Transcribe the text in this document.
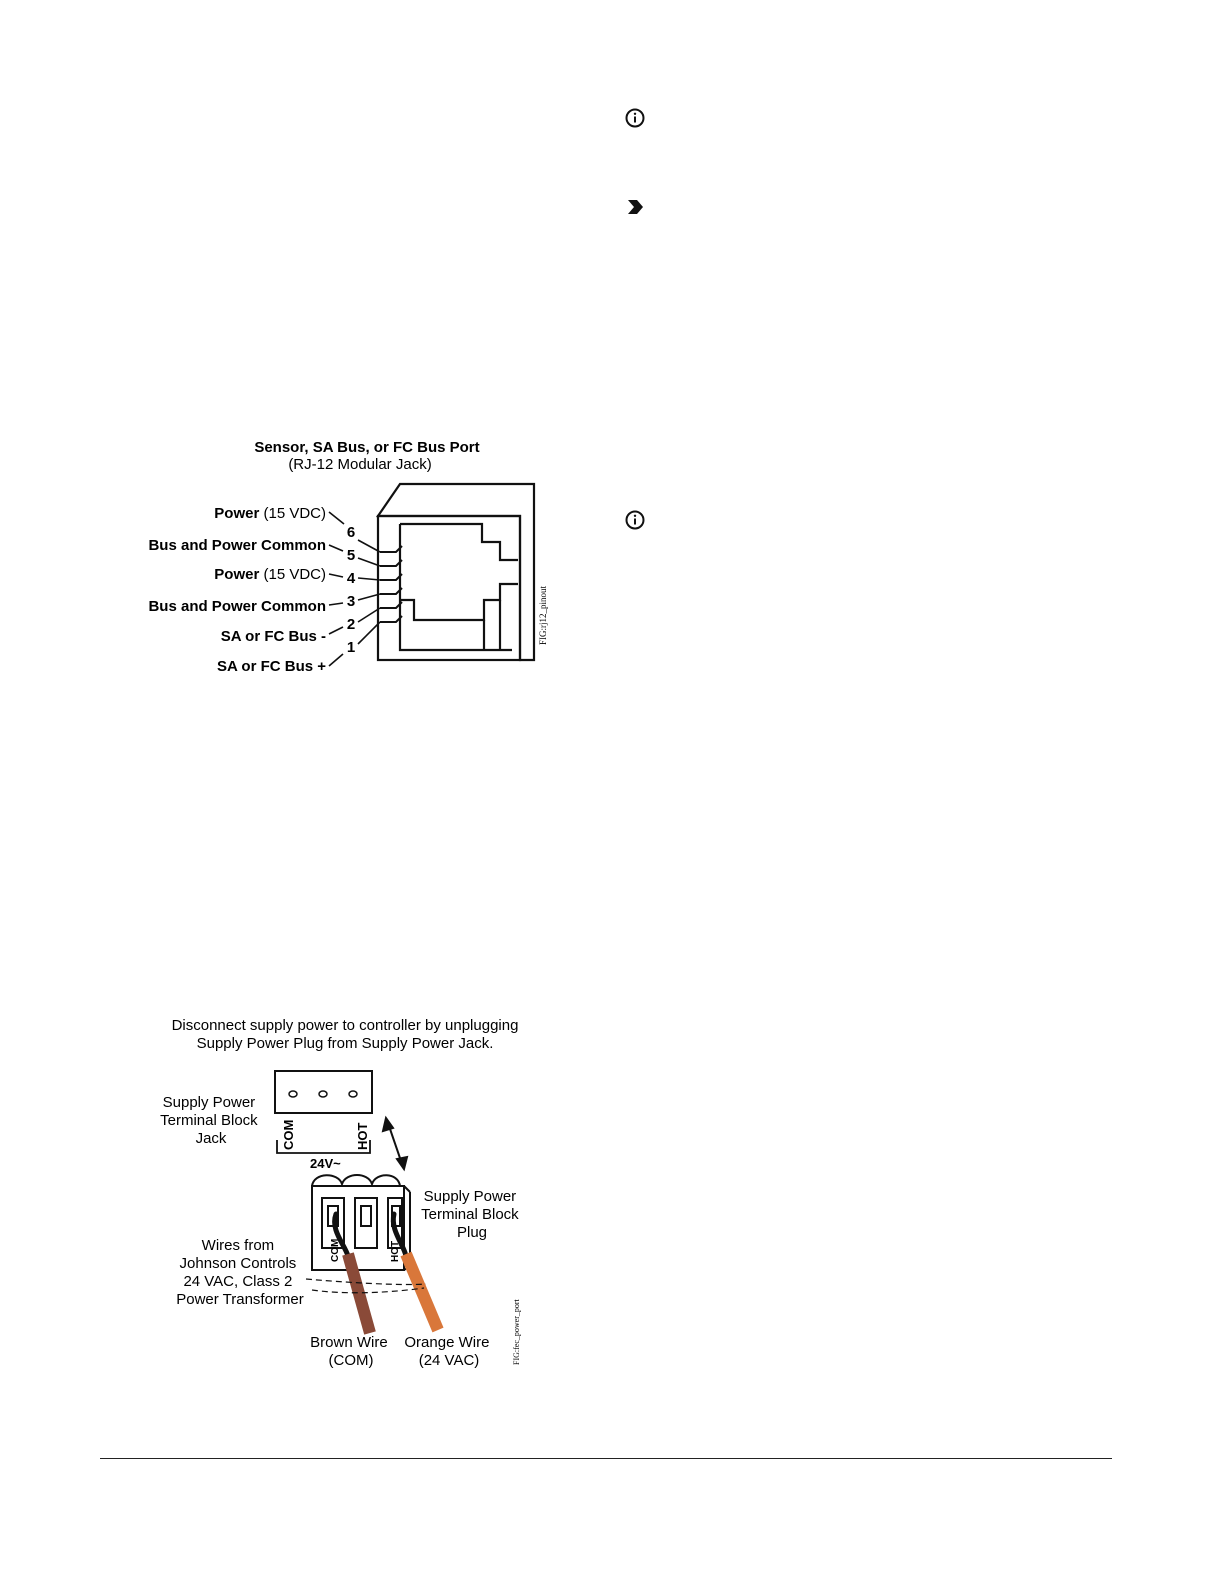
Sensor, SA Bus, or FC Bus Port
(RJ-12 Modular Jack)
Power (15 VDC)
6
Bus and Power Common
5
Power (15 VDC) 4
Bus and Power Common 3
SA or FC Bus -
2
SA or FC Bus +
1
FIG:rj12_pinout
Disconnect supply power to controller by unplugging
Supply Power Plug from Supply Power Jack.
Supply Power Terminal Block Jack	COM	HOT
24V~
COM	HOT
Supply Power Terminal Block Plug
Wires from Johnson Controls 24 VAC, Class 2 Power Transformer
Brown Wire (COM)
Orange Wire (24 VAC)	FIG:fec_power_port
